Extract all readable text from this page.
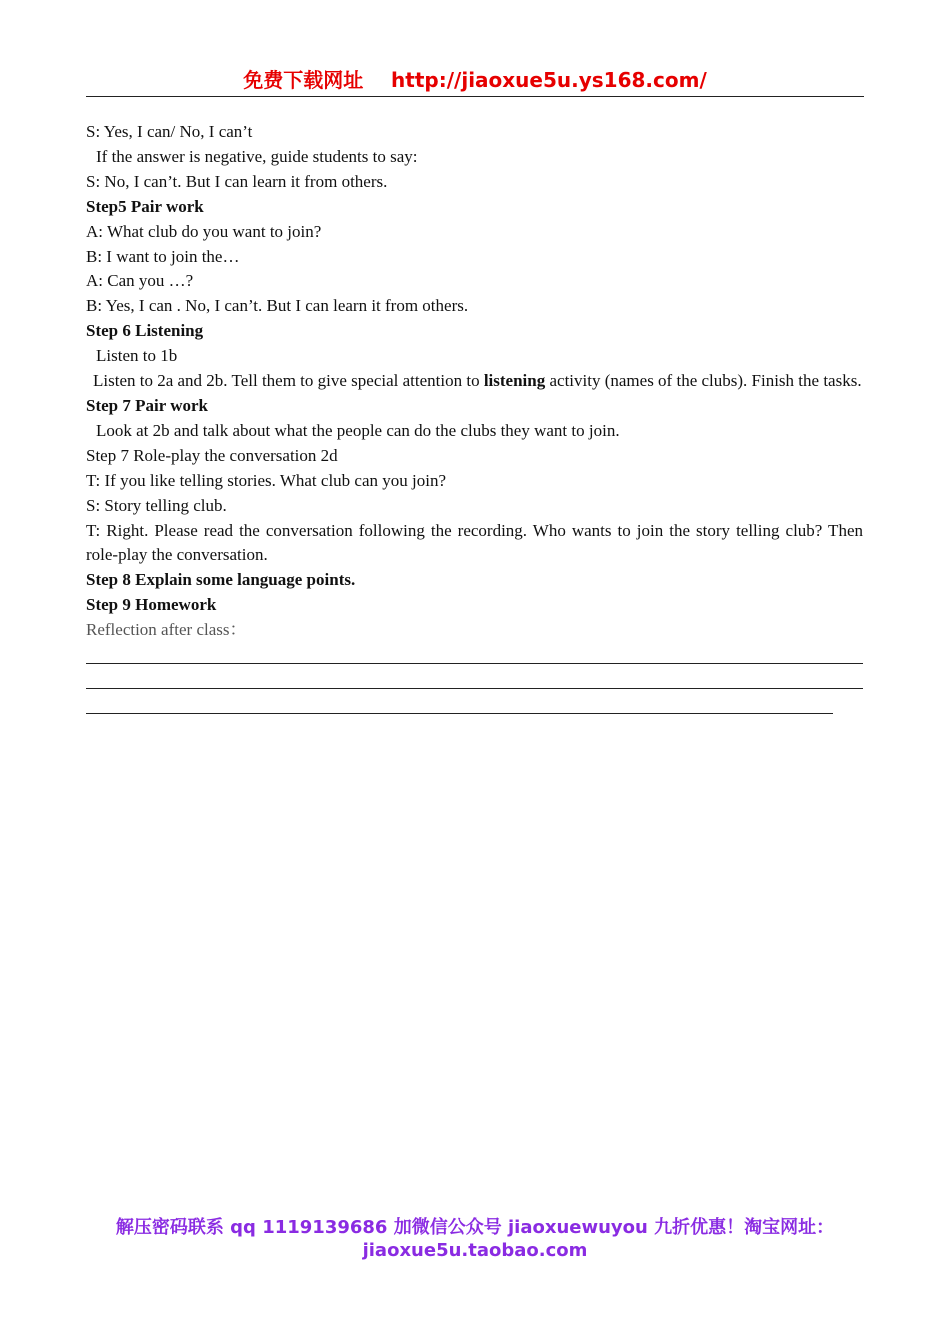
免费下载网址    http://jiaoxue5u.ys168.com/
S: Yes, I can/ No, I can’t
If the answer is negative, guide students to say:
S: No, I can’t. But I can learn it from others.
Step5 Pair work
A: What club do you want to join?
B: I want to join the…
A: Can you …?
B: Yes, I can . No, I can’t. But I can learn it from others.
Step 6 Listening
Listen to 1b
Listen to 2a and 2b. Tell them to give special attention to listening activity (names of the clubs). Finish the tasks.
Step 7 Pair work
Look at 2b and talk about what the people can do the clubs they want to join.
Step 7 Role-play the conversation 2d
T: If you like telling stories. What club can you join?
S: Story telling club.
T: Right. Please read the conversation following the recording. Who wants to join the story telling club? Then role-play the conversation.
Step 8 Explain some language points.
Step 9 Homework
Reflection after class：
解压密码联系 qq 1119139686 加微信公众号 jiaoxuewuyou 九折优惠！淘宝网址：
jiaoxue5u.taobao.com
